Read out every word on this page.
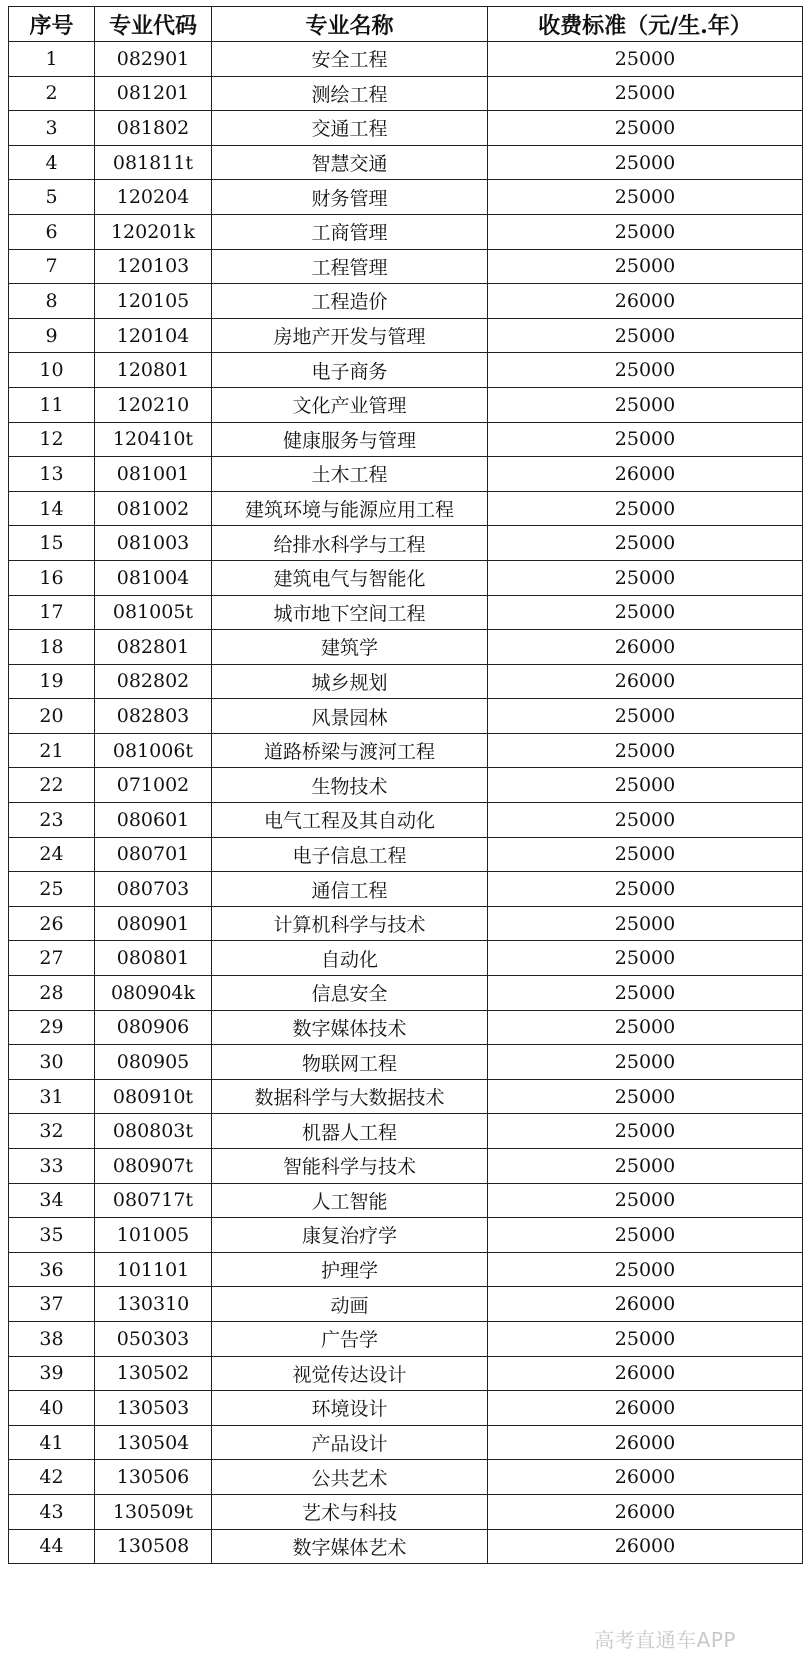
序号	专业代码	专业名称	收费标准（元/生.年）
1	082901	安全工程	25000
2	081201	测绘工程	25000
3	081802	交通工程	25000
4	081811t	智慧交通	25000
5	120204	财务管理	25000
6	120201k	工商管理	25000
7	120103	工程管理	25000
8	120105	工程造价	26000
9	120104	房地产开发与管理	25000
10	120801	电子商务	25000
11	120210	文化产业管理	25000
12	120410t	健康服务与管理	25000
13	081001	土木工程	26000
14	081002	建筑环境与能源应用工程	25000
15	081003	给排水科学与工程	25000
16	081004	建筑电气与智能化	25000
17	081005t	城市地下空间工程	25000
18	082801	建筑学	26000
19	082802	城乡规划	26000
20	082803	风景园林	25000
21	081006t	道路桥梁与渡河工程	25000
22	071002	生物技术	25000
23	080601	电气工程及其自动化	25000
24	080701	电子信息工程	25000
25	080703	通信工程	25000
26	080901	计算机科学与技术	25000
27	080801	自动化	25000
28	080904k	信息安全	25000
29	080906	数字媒体技术	25000
30	080905	物联网工程	25000
31	080910t	数据科学与大数据技术	25000
32	080803t	机器人工程	25000
33	080907t	智能科学与技术	25000
34	080717t	人工智能	25000
35	101005	康复治疗学	25000
36	101101	护理学	25000
37	130310	动画	26000
38	050303	广告学	25000
39	130502	视觉传达设计	26000
40	130503	环境设计	26000
41	130504	产品设计	26000
42	130506	公共艺术	26000
43	130509t	艺术与科技	26000
44	130508	数字媒体艺术	26000
高考直通车APP
